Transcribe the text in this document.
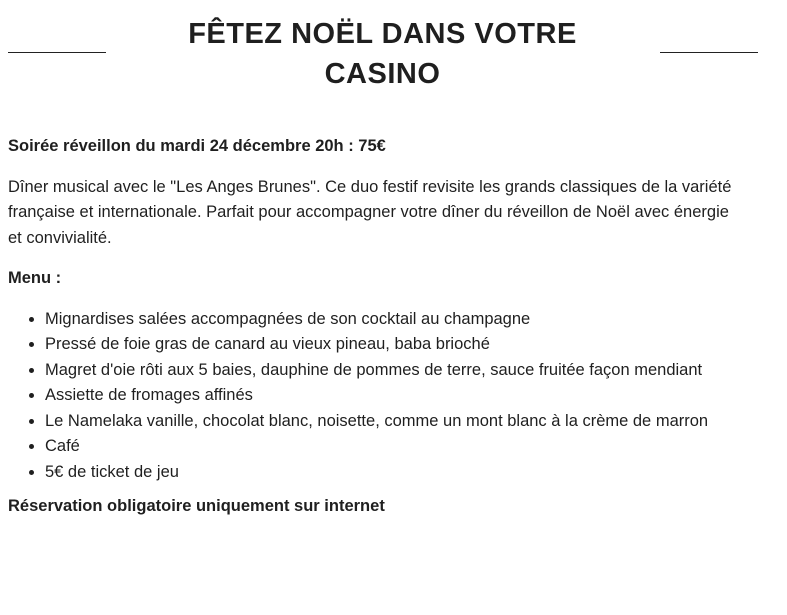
FÊTEZ NOËL DANS VOTRE CASINO

Soirée réveillon du mardi 24 décembre 20h : 75€

Dîner musical avec le "Les Anges Brunes". Ce duo festif revisite les grands classiques de la variété française et internationale. Parfait pour accompagner votre dîner du réveillon de Noël avec énergie et convivialité.

Menu :

• Mignardises salées accompagnées de son cocktail au champagne
• Pressé de foie gras de canard au vieux pineau, baba brioché
• Magret d'oie rôti aux 5 baies, dauphine de pommes de terre, sauce fruitée façon mendiant
• Assiette de fromages affinés
• Le Namelaka vanille, chocolat blanc, noisette, comme un mont blanc à la crème de marron
• Café
• 5€ de ticket de jeu

Réservation obligatoire uniquement sur internet
